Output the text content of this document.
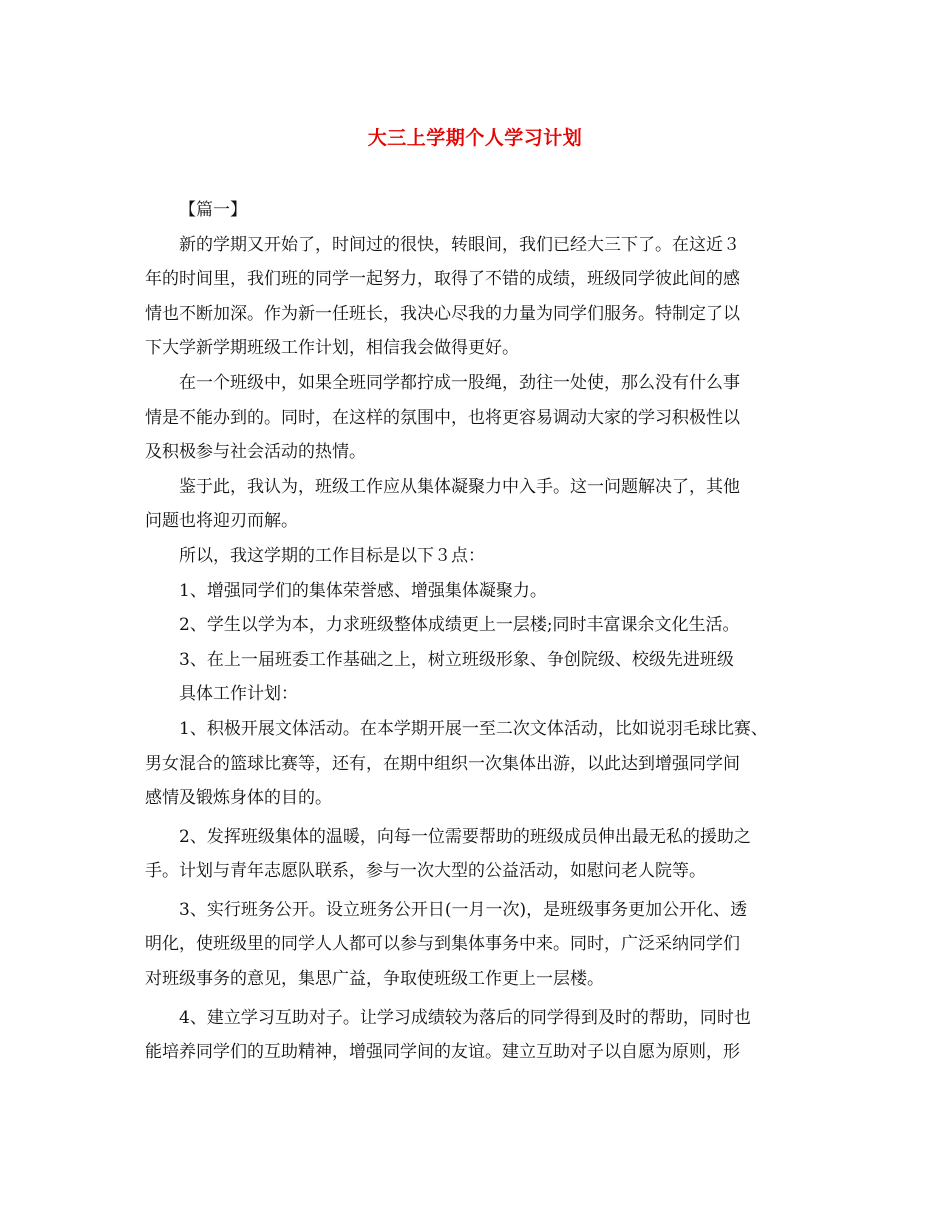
大三上学期个人学习计划
【篇一】
新的学期又开始了，时间过的很快，转眼间，我们已经大三下了。在这近３
年的时间里，我们班的同学一起努力，取得了不错的成绩，班级同学彼此间的感
情也不断加深。作为新一任班长，我决心尽我的力量为同学们服务。特制定了以
下大学新学期班级工作计划，相信我会做得更好。
在一个班级中，如果全班同学都拧成一股绳，劲往一处使，那么没有什么事
情是不能办到的。同时，在这样的氛围中，也将更容易调动大家的学习积极性以
及积极参与社会活动的热情。
鉴于此，我认为，班级工作应从集体凝聚力中入手。这一问题解决了，其他
问题也将迎刃而解。
所以，我这学期的工作目标是以下３点：
1、增强同学们的集体荣誉感、增强集体凝聚力。
2、学生以学为本，力求班级整体成绩更上一层楼;同时丰富课余文化生活。
3、在上一届班委工作基础之上，树立班级形象、争创院级、校级先进班级
具体工作计划：
1、积极开展文体活动。在本学期开展一至二次文体活动，比如说羽毛球比赛、
男女混合的篮球比赛等，还有，在期中组织一次集体出游，以此达到增强同学间
感情及锻炼身体的目的。
2、发挥班级集体的温暖，向每一位需要帮助的班级成员伸出最无私的援助之
手。计划与青年志愿队联系，参与一次大型的公益活动，如慰问老人院等。
3、实行班务公开。设立班务公开日(一月一次)，是班级事务更加公开化、透
明化，使班级里的同学人人都可以参与到集体事务中来。同时，广泛采纳同学们
对班级事务的意见，集思广益，争取使班级工作更上一层楼。
4、建立学习互助对子。让学习成绩较为落后的同学得到及时的帮助，同时也
能培养同学们的互助精神，增强同学间的友谊。建立互助对子以自愿为原则，形
